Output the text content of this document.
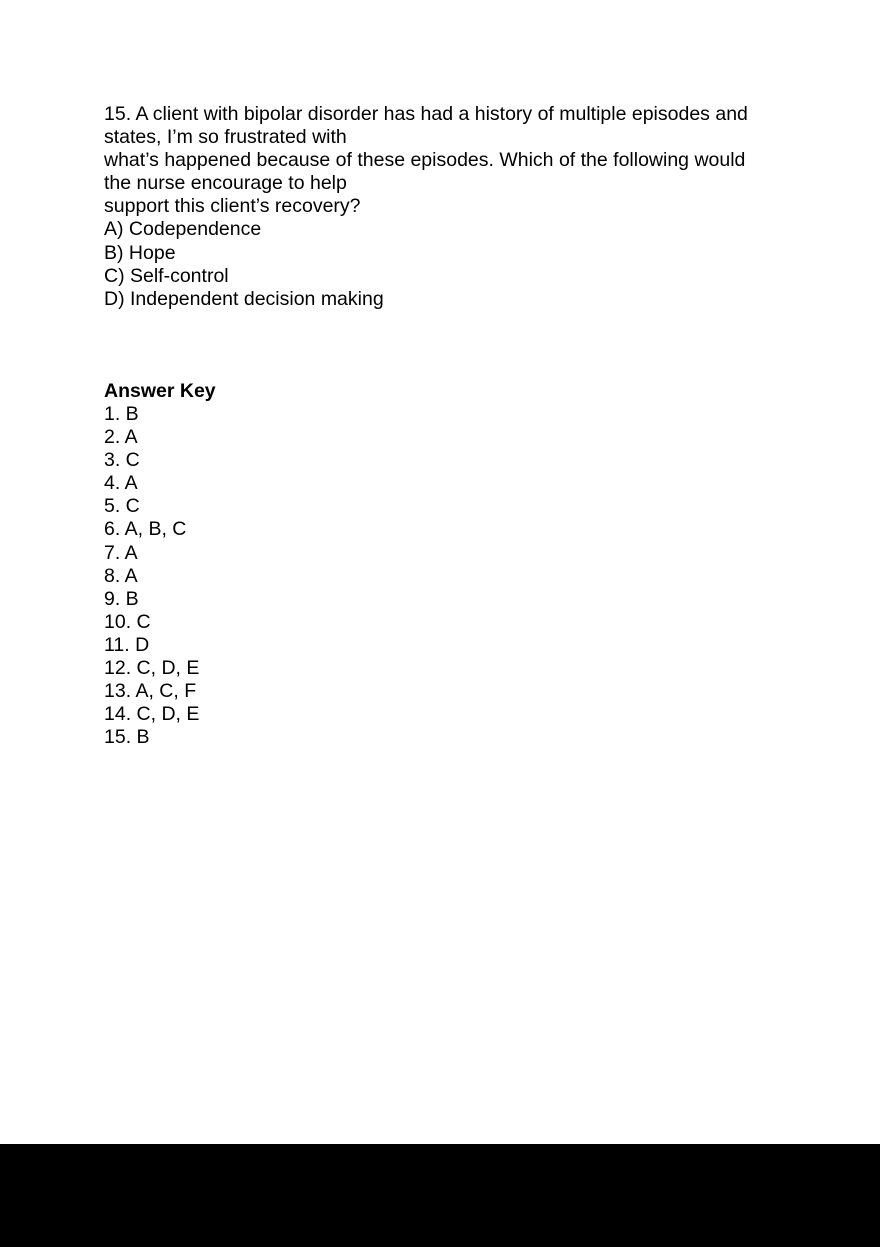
15. A client with bipolar disorder has had a history of multiple episodes and
states, I’m so frustrated with
what’s happened because of these episodes. Which of the following would
the nurse encourage to help
support this client’s recovery?
A) Codependence
B) Hope
C) Self-control
D) Independent decision making
Answer Key
1. B
2. A
3. C
4. A
5. C
6. A, B, C
7. A
8. A
9. B
10. C
11. D
12. C, D, E
13. A, C, F
14. C, D, E
15. B
